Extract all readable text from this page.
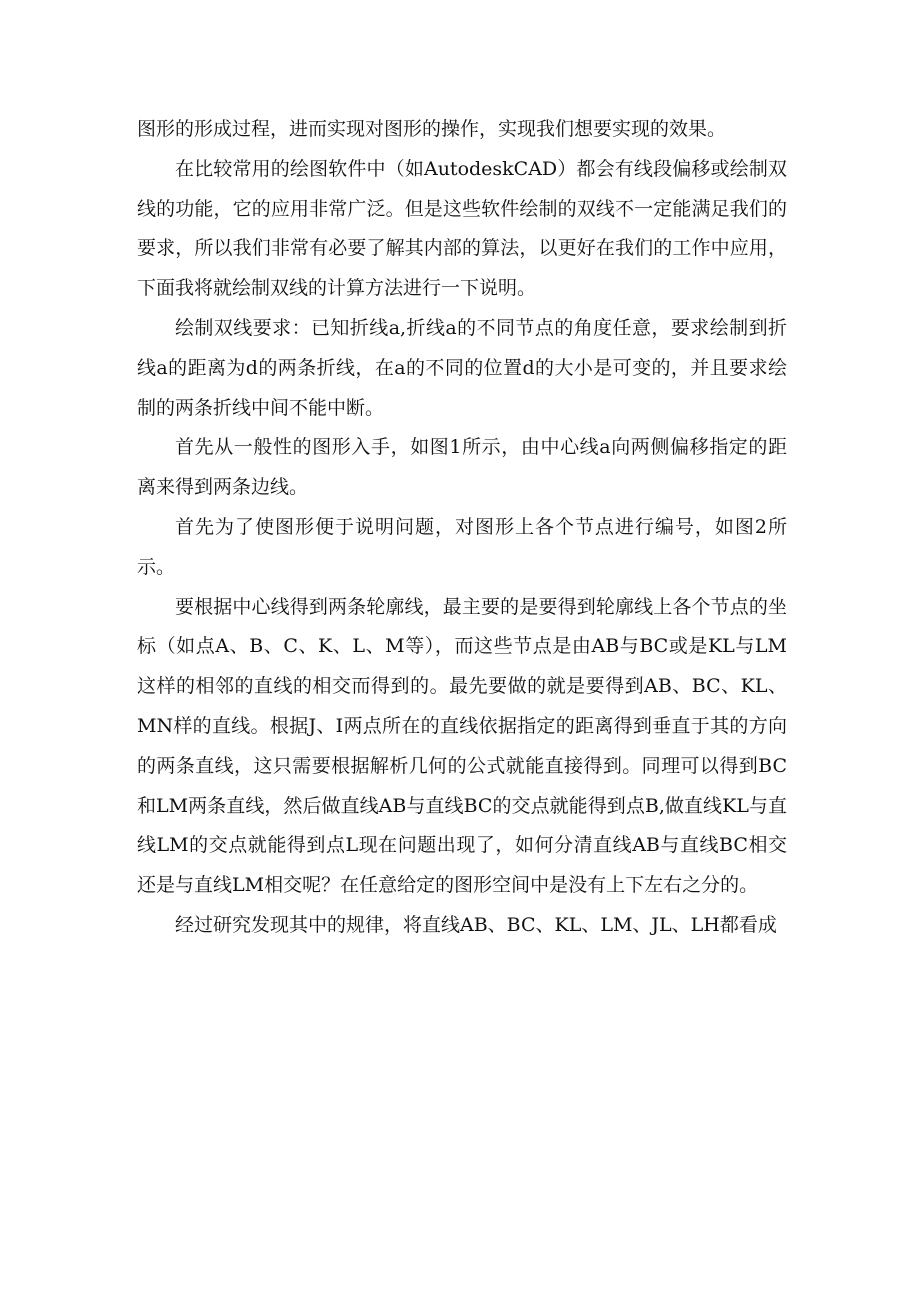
图形的形成过程，进而实现对图形的操作，实现我们想要实现的效果。

在比较常用的绘图软件中（如AutodeskCAD）都会有线段偏移或绘制双线的功能，它的应用非常广泛。但是这些软件绘制的双线不一定能满足我们的要求，所以我们非常有必要了解其内部的算法，以更好在我们的工作中应用，下面我将就绘制双线的计算方法进行一下说明。

绘制双线要求：已知折线a,折线a的不同节点的角度任意，要求绘制到折线a的距离为d的两条折线，在a的不同的位置d的大小是可变的，并且要求绘制的两条折线中间不能中断。

首先从一般性的图形入手，如图1所示，由中心线a向两侧偏移指定的距离来得到两条边线。

首先为了使图形便于说明问题，对图形上各个节点进行编号，如图2所示。

要根据中心线得到两条轮廓线，最主要的是要得到轮廓线上各个节点的坐标（如点A、B、C、K、L、M等），而这些节点是由AB与BC或是KL与LM这样的相邻的直线的相交而得到的。最先要做的就是要得到AB、BC、KL、MN样的直线。根据J、I两点所在的直线依据指定的距离得到垂直于其的方向的两条直线，这只需要根据解析几何的公式就能直接得到。同理可以得到BC和LM两条直线，然后做直线AB与直线BC的交点就能得到点B,做直线KL与直线LM的交点就能得到点L现在问题出现了，如何分清直线AB与直线BC相交还是与直线LM相交呢？在任意给定的图形空间中是没有上下左右之分的。

经过研究发现其中的规律，将直线AB、BC、KL、LM、JL、LH都看成
